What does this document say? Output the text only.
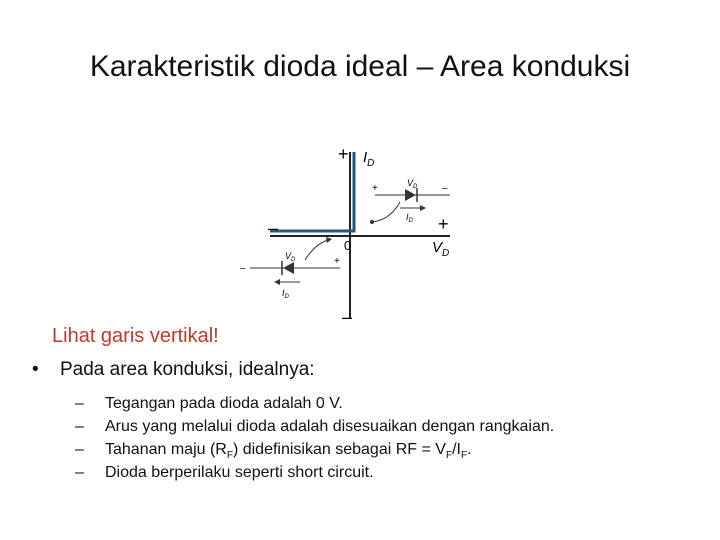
Karakteristik dioda ideal – Area konduksi
+
–
+
–
0
$I_D$
$V_D$
+	–
$V_D$
$I_D$
–
+
$V_D$
$I_D$
Lihat garis vertikal!
• Pada area konduksi, idealnya:
– Tegangan pada dioda adalah 0 V.
– Arus yang melalui dioda adalah disesuaikan dengan rangkaian.
– Tahanan maju $(R_F)$ didefinisikan sebagai RF = $V_F/I_F$.
– Dioda berperilaku seperti short circuit.
